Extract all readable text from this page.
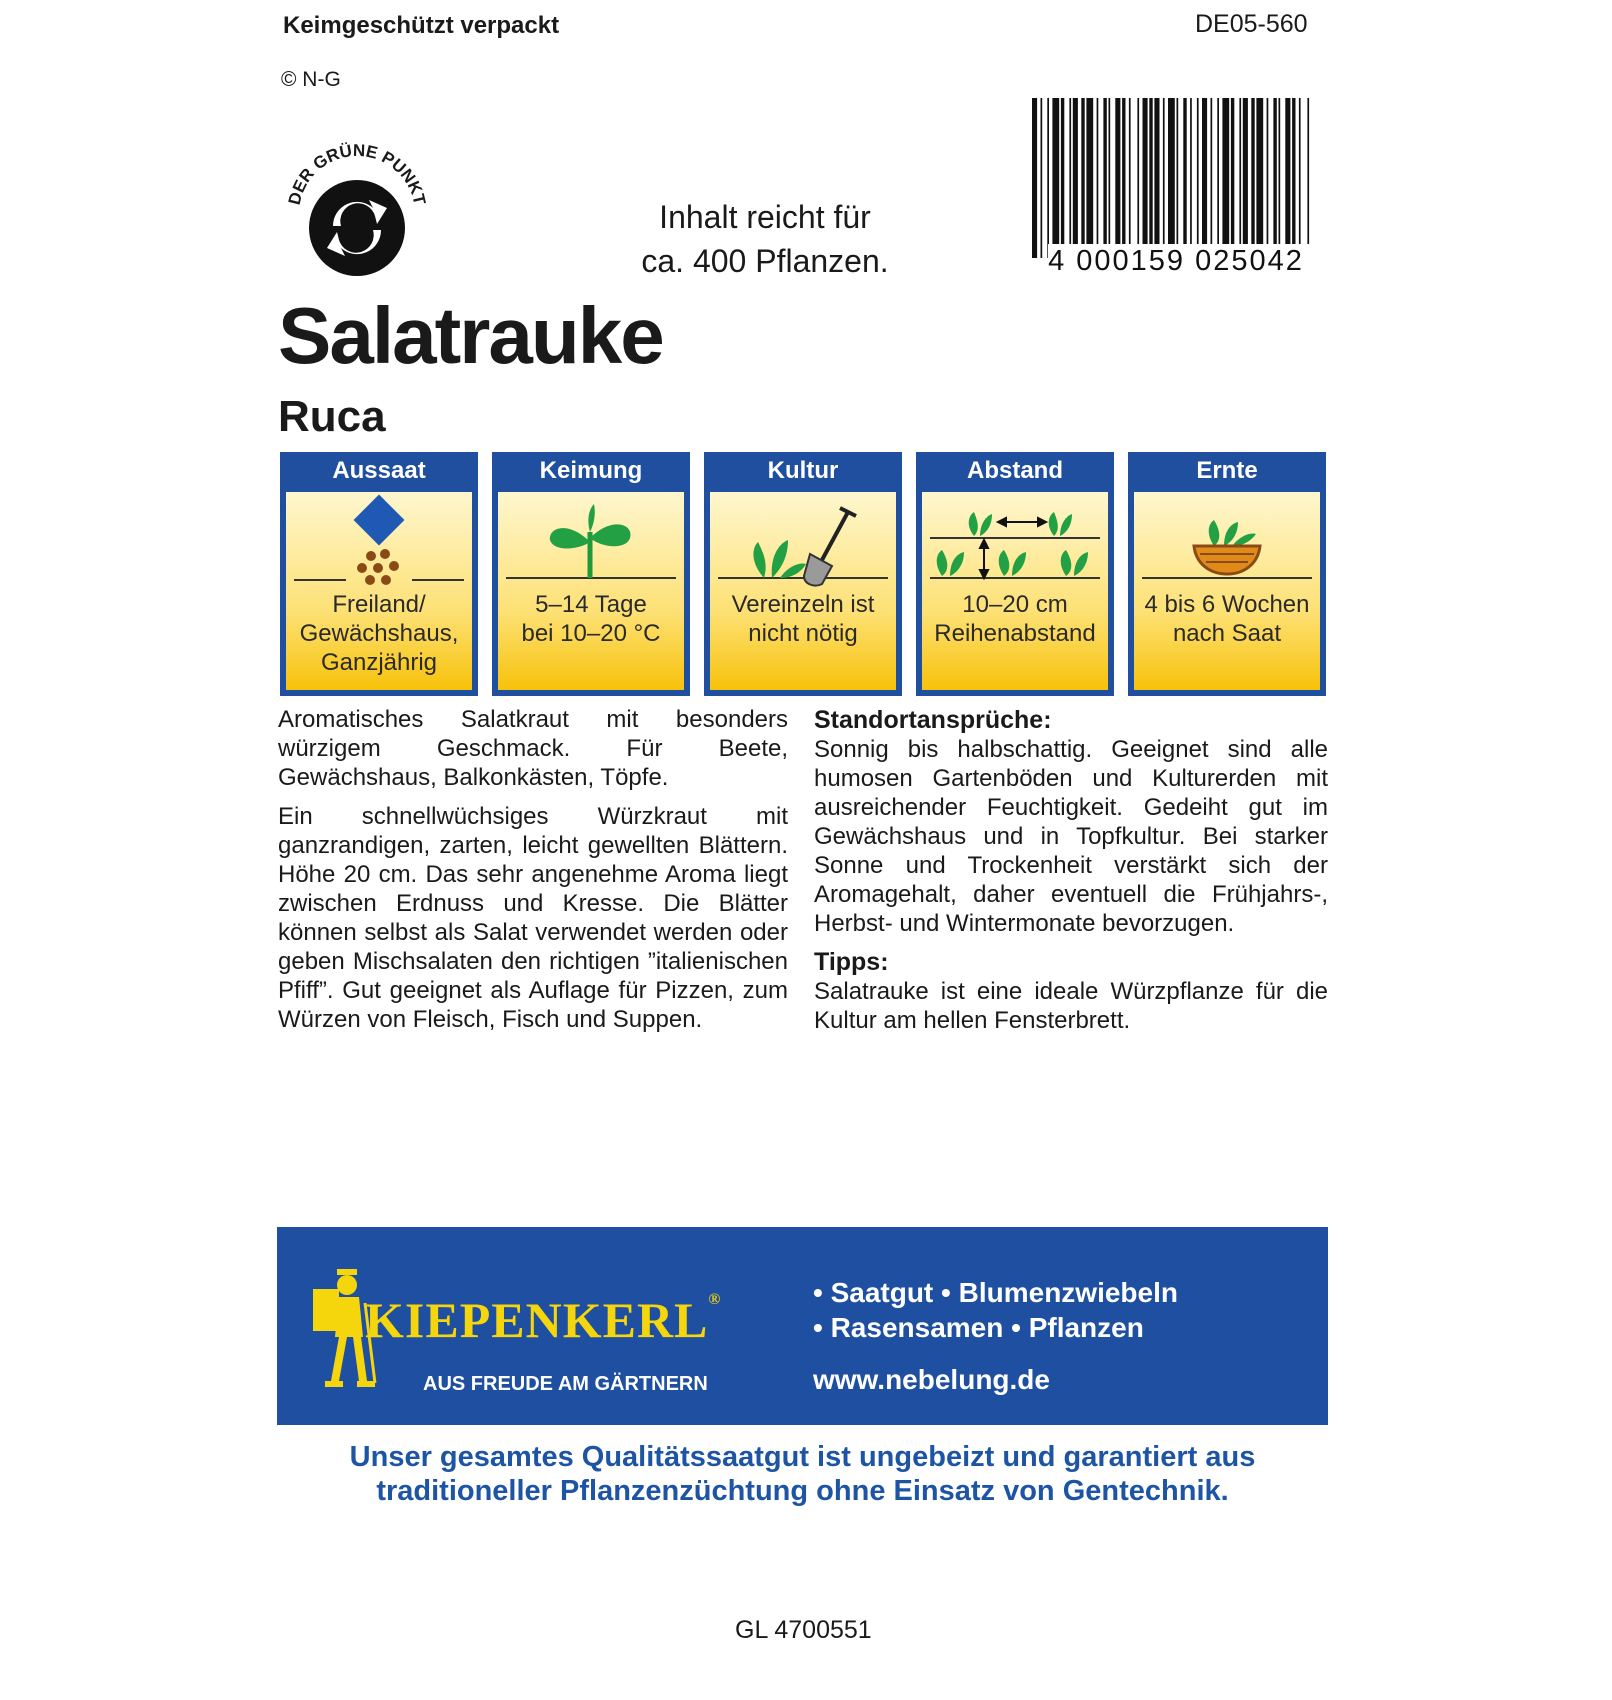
Keimgeschützt verpackt	DE05-560
© N-G
DER GRÜNE PUNKT	Inhalt reicht für
ca. 400 Pflanzen.	4 000159 025042
Salatrauke
Ruca
Aussaat
Freiland/
Gewächshaus,
Ganzjährig
Keimung
5–14 Tage
bei 10–20 °C
Kultur
Vereinzeln ist
nicht nötig
Abstand
10–20 cm
Reihenabstand
Ernte
4 bis 6 Wochen
nach Saat

Aromatisches Salatkraut mit besonders würzigem Geschmack. Für Beete, Gewächshaus, Balkonkästen, Töpfe.

Ein schnellwüchsiges Würzkraut mit ganzrandigen, zarten, leicht gewellten Blättern. Höhe 20 cm. Das sehr angenehme Aroma liegt zwischen Erdnuss und Kresse. Die Blätter können selbst als Salat verwendet werden oder geben Mischsalaten den richtigen ”italienischen Pfiff”. Gut geeignet als Auflage für Pizzen, zum Würzen von Fleisch, Fisch und Suppen.

Standortansprüche:

Sonnig bis halbschattig. Geeignet sind alle humosen Gartenböden und Kulturerden mit ausreichender Feuchtigkeit. Gedeiht gut im Gewächshaus und in Topfkultur. Bei starker Sonne und Trockenheit verstärkt sich der Aromagehalt, daher eventuell die Frühjahrs-, Herbst- und Wintermonate bevorzugen.

Tipps:

Salatrauke ist eine ideale Würzpflanze für die Kultur am hellen Fensterbrett.

KIEPENKERL®
AUS FREUDE AM GÄRTNERN
• Saatgut • Blumenzwiebeln
• Rasensamen • Pflanzen
www.nebelung.de
Unser gesamtes Qualitätssaatgut ist ungebeizt und garantiert aus
traditioneller Pflanzenzüchtung ohne Einsatz von Gentechnik.
GL 4700551
